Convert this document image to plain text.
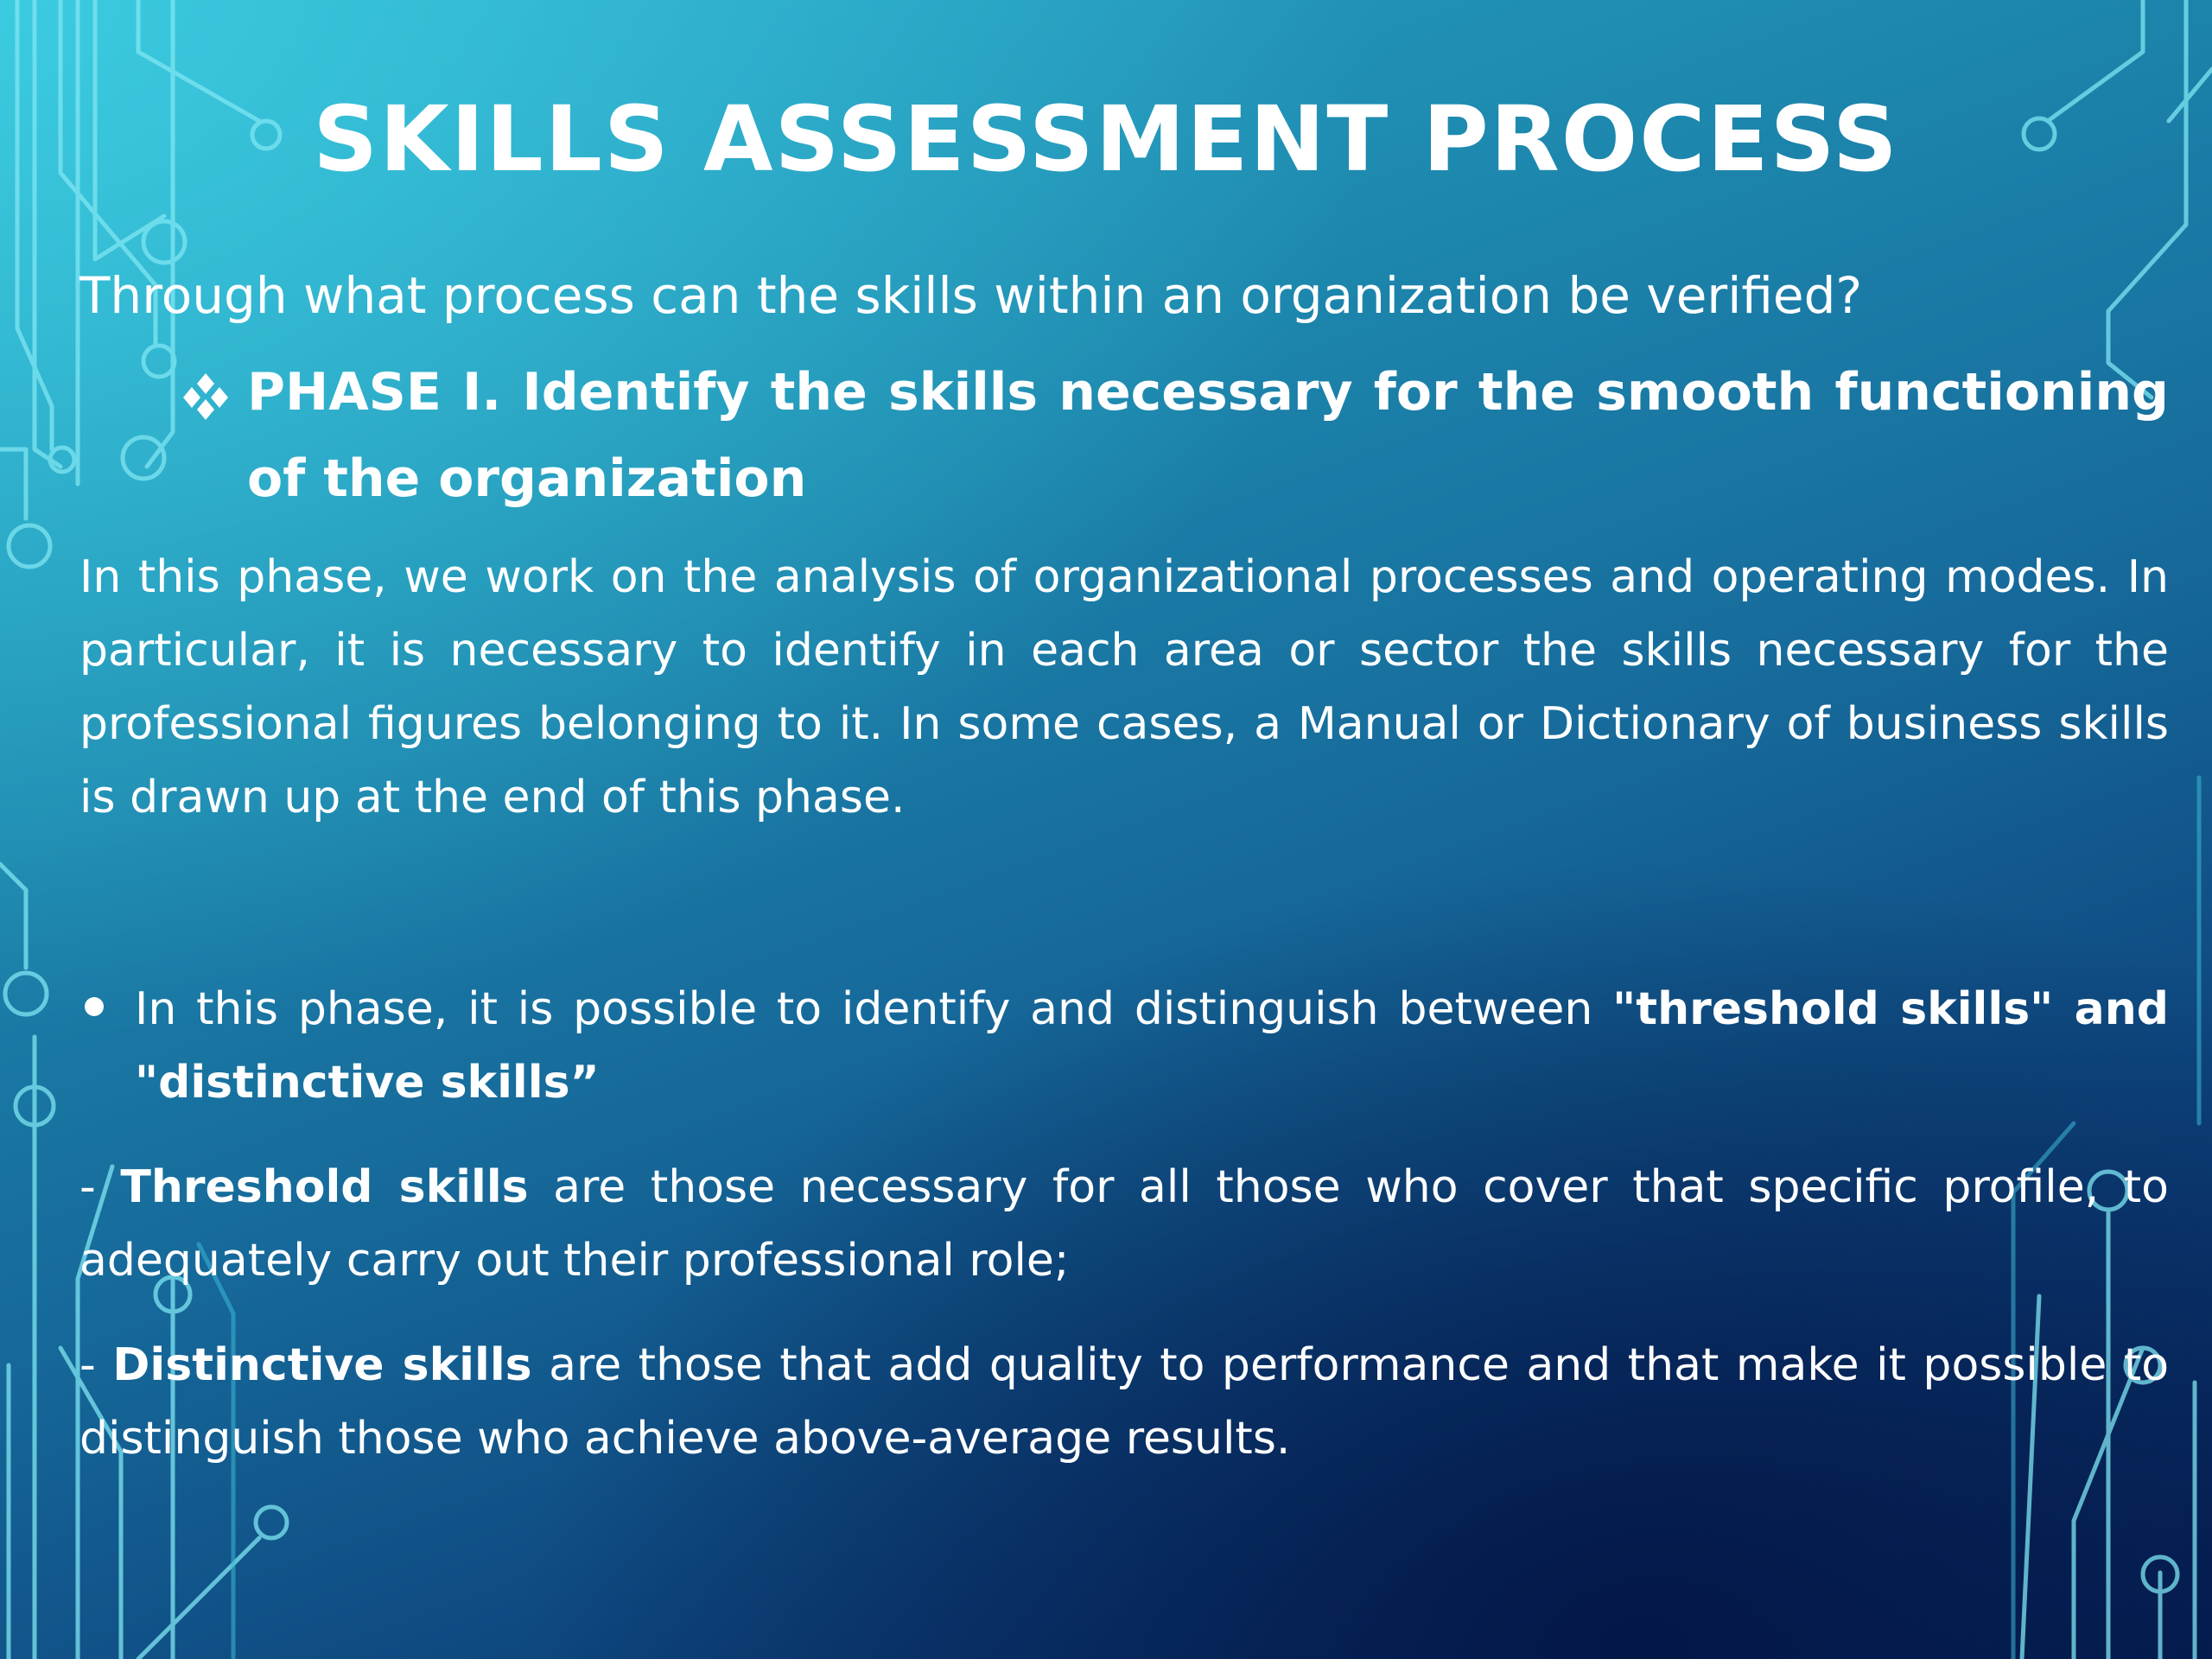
SKILLS ASSESSMENT PROCESS

Through what process can the skills within an organization be verified?

PHASE I. Identify the skills necessary for the smooth functioning of the organization

In this phase, we work on the analysis of organizational processes and operating modes. In particular, it is necessary to identify in each area or sector the skills necessary for the professional figures belonging to it. In some cases, a Manual or Dictionary of business skills is drawn up at the end of this phase.

In this phase, it is possible to identify and distinguish between "threshold skills" and "distinctive skills”

- Threshold skills are those necessary for all those who cover that specific profile, to adequately carry out their professional role;

- Distinctive skills are those that add quality to performance and that make it possible to distinguish those who achieve above-average results.
